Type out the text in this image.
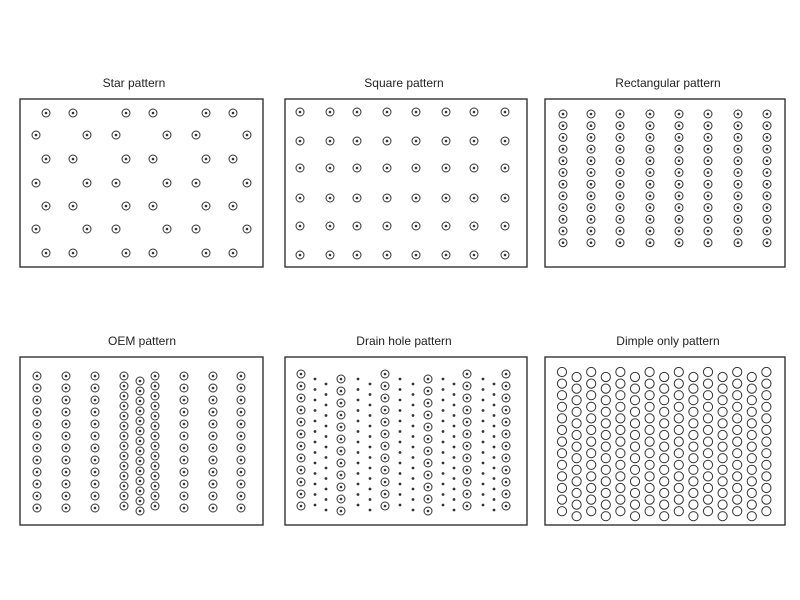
Star pattern	Square pattern	Rectangular pattern
OEM pattern	Drain hole pattern	Dimple only pattern
